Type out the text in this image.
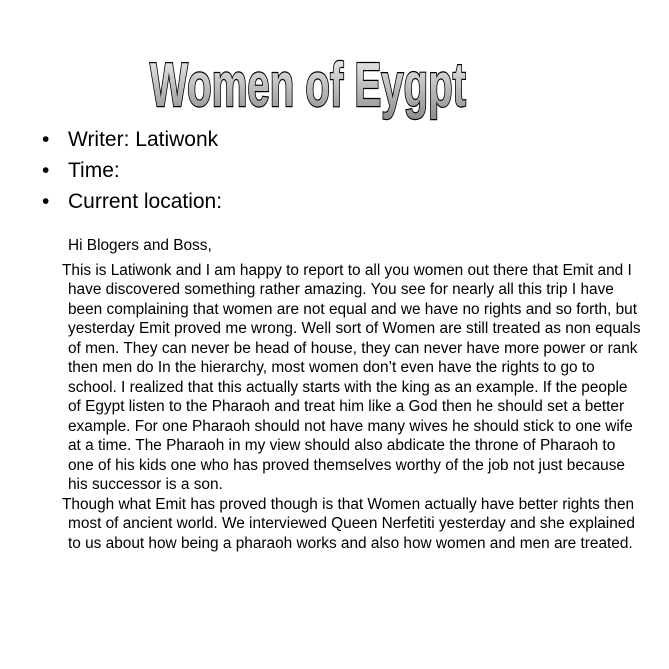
Women of Eygpt
• Writer: Latiwonk
• Time:
• Current location:

Hi Blogers and Boss,

This is Latiwonk and I am happy to report to all you women out there that Emit and I have discovered something rather amazing. You see for nearly all this trip I have been complaining that women are not equal and we have no rights and so forth, but yesterday Emit proved me wrong. Well sort of Women are still treated as non equals of men. They can never be head of house, they can never have more power or rank then men do In the hierarchy, most women don’t even have the rights to go to school. I realized that this actually starts with the king as an example. If the people of Egypt listen to the Pharaoh and treat him like a God then he should set a better example. For one Pharaoh should not have many wives he should stick to one wife at a time. The Pharaoh in my view should also abdicate the throne of Pharaoh to one of his kids one who has proved themselves worthy of the job not just because his successor is a son.

Though what Emit has proved though is that Women actually have better rights then most of ancient world. We interviewed Queen Nerfetiti yesterday and she explained to us about how being a pharaoh works and also how women and men are treated.
